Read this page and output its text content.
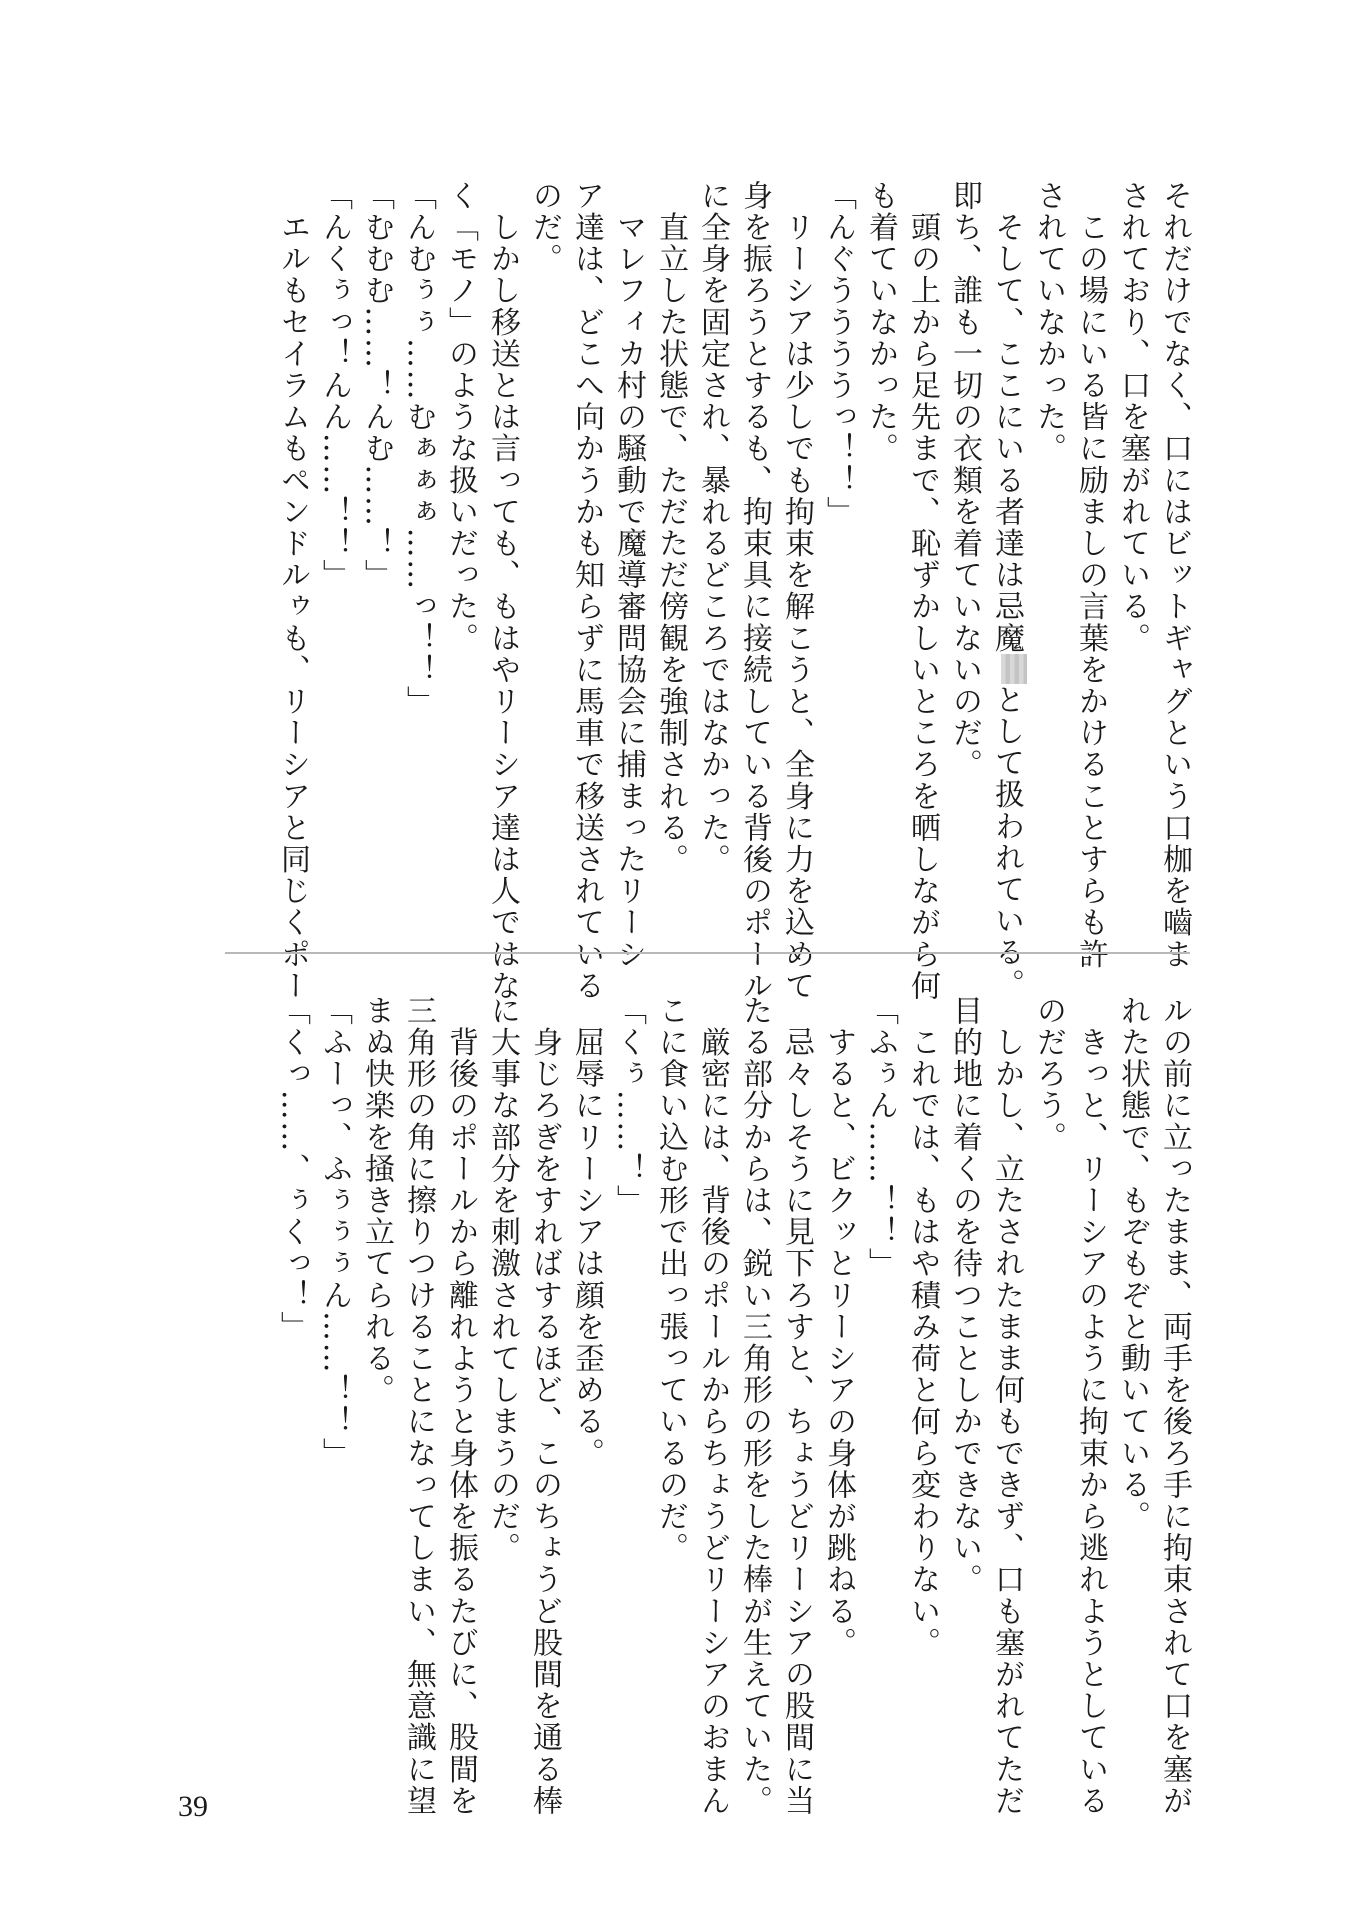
それだけでなく、口にはビットギャグという口枷を嚙ま
されており、口を塞がれている。
　この場にいる皆に励ましの言葉をかけることすらも許
されていなかった。
　そして、ここにいる者達は忌魔として扱われている。
即ち、誰も一切の衣類を着ていないのだ。
　頭の上から足先まで、恥ずかしいところを晒しながら何
も着ていなかった。
「んぐううううっ！！」
　リーシアは少しでも拘束を解こうと、全身に力を込めて
身を振ろうとするも、拘束具に接続している背後のポール
に全身を固定され、暴れるどころではなかった。
　直立した状態で、ただただ傍観を強制される。
　マレフィカ村の騒動で魔導審問協会に捕まったリーシ
ア達は、どこへ向かうかも知らずに馬車で移送されている
のだ。
　しかし移送とは言っても、もはやリーシア達は人ではな
く「モノ」のような扱いだった。
「んむぅぅ……むぁぁぁ……っ！！」
「むむむ……！んむ……！」
「んくぅっ！んん……！！」
　エルもセイラムもペンドルゥも、リーシアと同じくポー
ルの前に立ったまま、両手を後ろ手に拘束されて口を塞が
れた状態で、もぞもぞと動いている。
　きっと、リーシアのように拘束から逃れようとしている
のだろう。
　しかし、立たされたまま何もできず、口も塞がれてただ
目的地に着くのを待つことしかできない。
　これでは、もはや積み荷と何ら変わりない。
「ふぅん……！！」
　すると、ビクッとリーシアの身体が跳ねる。
　忌々しそうに見下ろすと、ちょうどリーシアの股間に当
たる部分からは、鋭い三角形の形をした棒が生えていた。
　厳密には、背後のポールからちょうどリーシアのおまん
こに食い込む形で出っ張っているのだ。
「くぅ……！」
　屈辱にリーシアは顔を歪める。
　身じろぎをすればするほど、このちょうど股間を通る棒
に大事な部分を刺激されてしまうのだ。
　背後のポールから離れようと身体を振るたびに、股間を
三角形の角に擦りつけることになってしまい、無意識に望
まぬ快楽を掻き立てられる。
「ふーっ、ふぅぅぅん……！！」
「くっ……、ぅくっ！」
39
